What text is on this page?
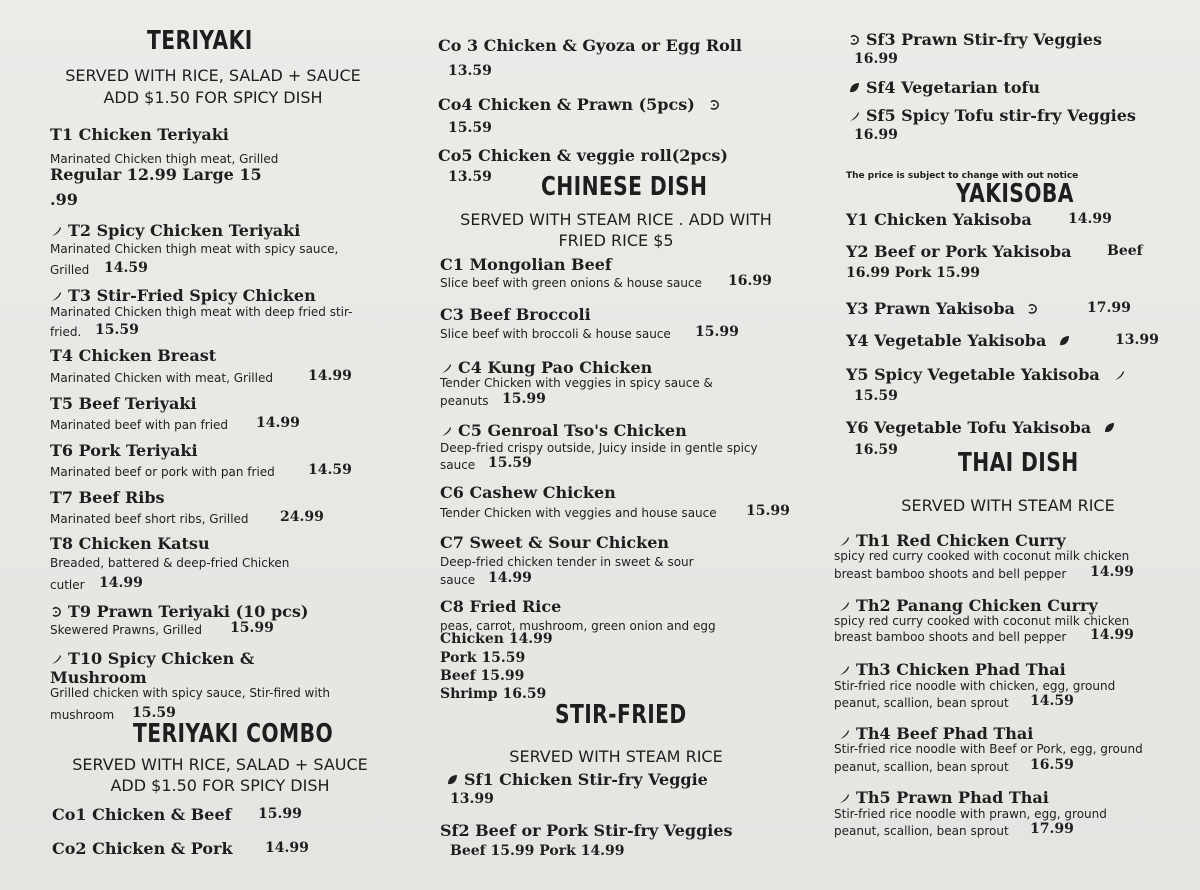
TERIYAKI
SERVED WITH RICE, SALAD + SAUCE
ADD $1.50 FOR SPICY DISH
T1 Chicken Teriyaki
Marinated Chicken thigh meat, Grilled
Regular 12.99 Large 15
.99
T2 Spicy Chicken Teriyaki
Marinated Chicken thigh meat with spicy sauce,
Grilled 14.59
T3 Stir-Fried Spicy Chicken
Marinated Chicken thigh meat with deep fried stir-
fried. 15.59
T4 Chicken Breast
Marinated Chicken with meat, Grilled	14.99
T5 Beef Teriyaki
Marinated beef with pan fried 14.99
T6 Pork Teriyaki
Marinated beef or pork with pan fried 14.59
T7 Beef Ribs
Marinated beef short ribs, Grilled 24.99
T8 Chicken Katsu
Breaded, battered & deep-fried Chicken
cutler 14.99
T9 Prawn Teriyaki (10 pcs)
Skewered Prawns, Grilled 15.99
T10 Spicy Chicken &
Mushroom
Grilled chicken with spicy sauce, Stir-fired with
mushroom 15.59
TERIYAKI COMBO
SERVED WITH RICE, SALAD + SAUCE
ADD $1.50 FOR SPICY DISH
Co1 Chicken & Beef 15.99
Co2 Chicken & Pork 14.99
Co 3 Chicken & Gyoza or Egg Roll
13.59
Co4 Chicken & Prawn (5pcs)
15.59
Co5 Chicken & veggie roll(2pcs)
13.59 CHINESE DISH
SERVED WITH STEAM RICE . ADD WITH
FRIED RICE $5
C1 Mongolian Beef
Slice beef with green onions & house sauce 16.99
C3 Beef Broccoli
Slice beef with broccoli & house sauce 15.99
C4 Kung Pao Chicken
Tender Chicken with veggies in spicy sauce &
peanuts 15.99
C5 Genroal Tso's Chicken
Deep-fried crispy outside, Juicy inside in gentle spicy
sauce 15.59
C6 Cashew Chicken
Tender Chicken with veggies and house sauce 15.99
C7 Sweet & Sour Chicken
Deep-fried chicken tender in sweet & sour
sauce 14.99
C8 Fried Rice
peas, carrot, mushroom, green onion and egg
Chicken 14.99
Pork 15.59
Beef 15.99
Shrimp 16.59
STIR-FRIED
SERVED WITH STEAM RICE
Sf1 Chicken Stir-fry Veggie
13.99
Sf2 Beef or Pork Stir-fry Veggies
Beef 15.99 Pork 14.99
Sf3 Prawn Stir-fry Veggies
16.99
Sf4 Vegetarian tofu
Sf5 Spicy Tofu stir-fry Veggies
16.99
The price is subject to change with out notice
YAKISOBA
Y1 Chicken Yakisoba	14.99
Y2 Beef or Pork Yakisoba	Beef
16.99 Pork 15.99
Y3 Prawn Yakisoba	17.99
Y4 Vegetable Yakisoba	13.99
Y5 Spicy Vegetable Yakisoba
15.59
Y6 Vegetable Tofu Yakisoba
16.59 THAI DISH
SERVED WITH STEAM RICE
Th1 Red Chicken Curry
spicy red curry cooked with coconut milk chicken
breast bamboo shoots and bell pepper 14.99
Th2 Panang Chicken Curry
spicy red curry cooked with coconut milk chicken
breast bamboo shoots and bell pepper 14.99
Th3 Chicken Phad Thai
Stir-fried rice noodle with chicken, egg, ground
peanut, scallion, bean sprout 14.59
Th4 Beef Phad Thai
Stir-fried rice noodle with Beef or Pork, egg, ground
peanut, scallion, bean sprout 16.59
Th5 Prawn Phad Thai
Stir-fried rice noodle with prawn, egg, ground
peanut, scallion, bean sprout 17.99
